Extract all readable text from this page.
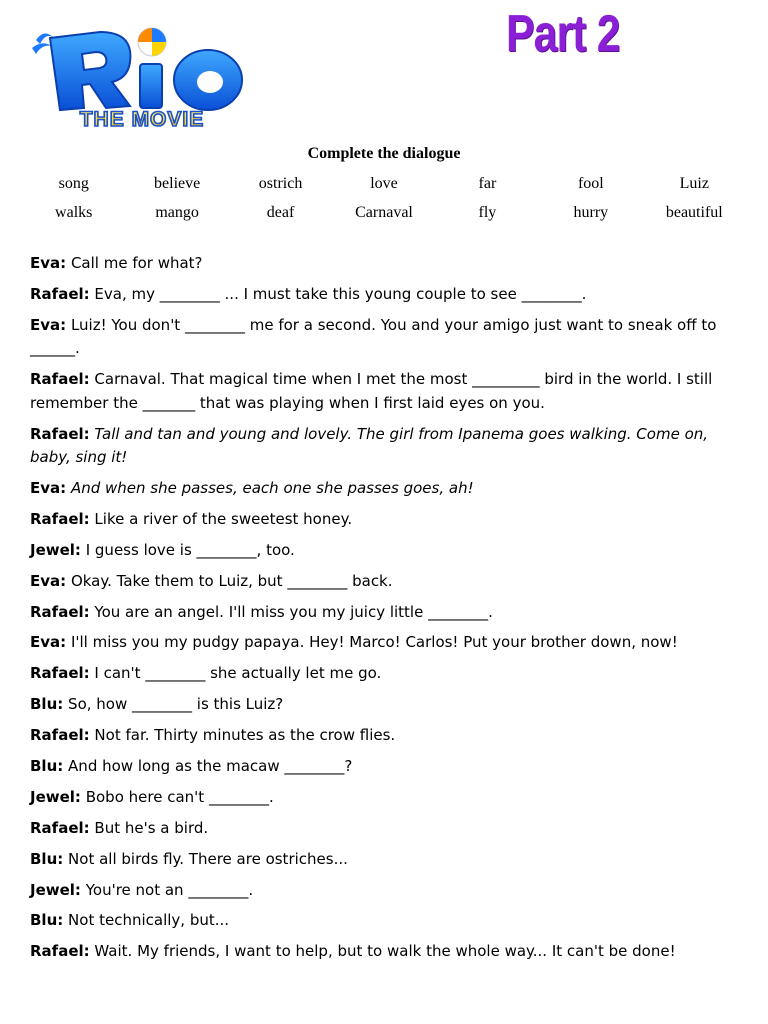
THE MOVIE
Part 2
Complete the dialogue
song	believe	ostrich	love	far	fool	Luiz
walks	mango	deaf	Carnaval	fly	hurry	beautiful
Eva: Call me for what?
Rafael: Eva, my ________ ... I must take this young couple to see ________.
Eva: Luiz! You don't ________ me for a second. You and your amigo just want to sneak off to ______.
Rafael: Carnaval. That magical time when I met the most _________ bird in the world. I still remember the _______ that was playing when I first laid eyes on you.
Rafael: Tall and tan and young and lovely. The girl from Ipanema goes walking. Come on, baby, sing it!
Eva: And when she passes, each one she passes goes, ah!
Rafael: Like a river of the sweetest honey.
Jewel: I guess love is ________, too.
Eva: Okay. Take them to Luiz, but ________ back.
Rafael: You are an angel. I'll miss you my juicy little ________.
Eva: I'll miss you my pudgy papaya. Hey! Marco! Carlos! Put your brother down, now!
Rafael: I can't ________ she actually let me go.
Blu: So, how ________ is this Luiz?
Rafael: Not far. Thirty minutes as the crow flies.
Blu: And how long as the macaw ________?
Jewel: Bobo here can't ________.
Rafael: But he's a bird.
Blu: Not all birds fly. There are ostriches...
Jewel: You're not an ________.
Blu: Not technically, but...
Rafael: Wait. My friends, I want to help, but to walk the whole way... It can't be done!
